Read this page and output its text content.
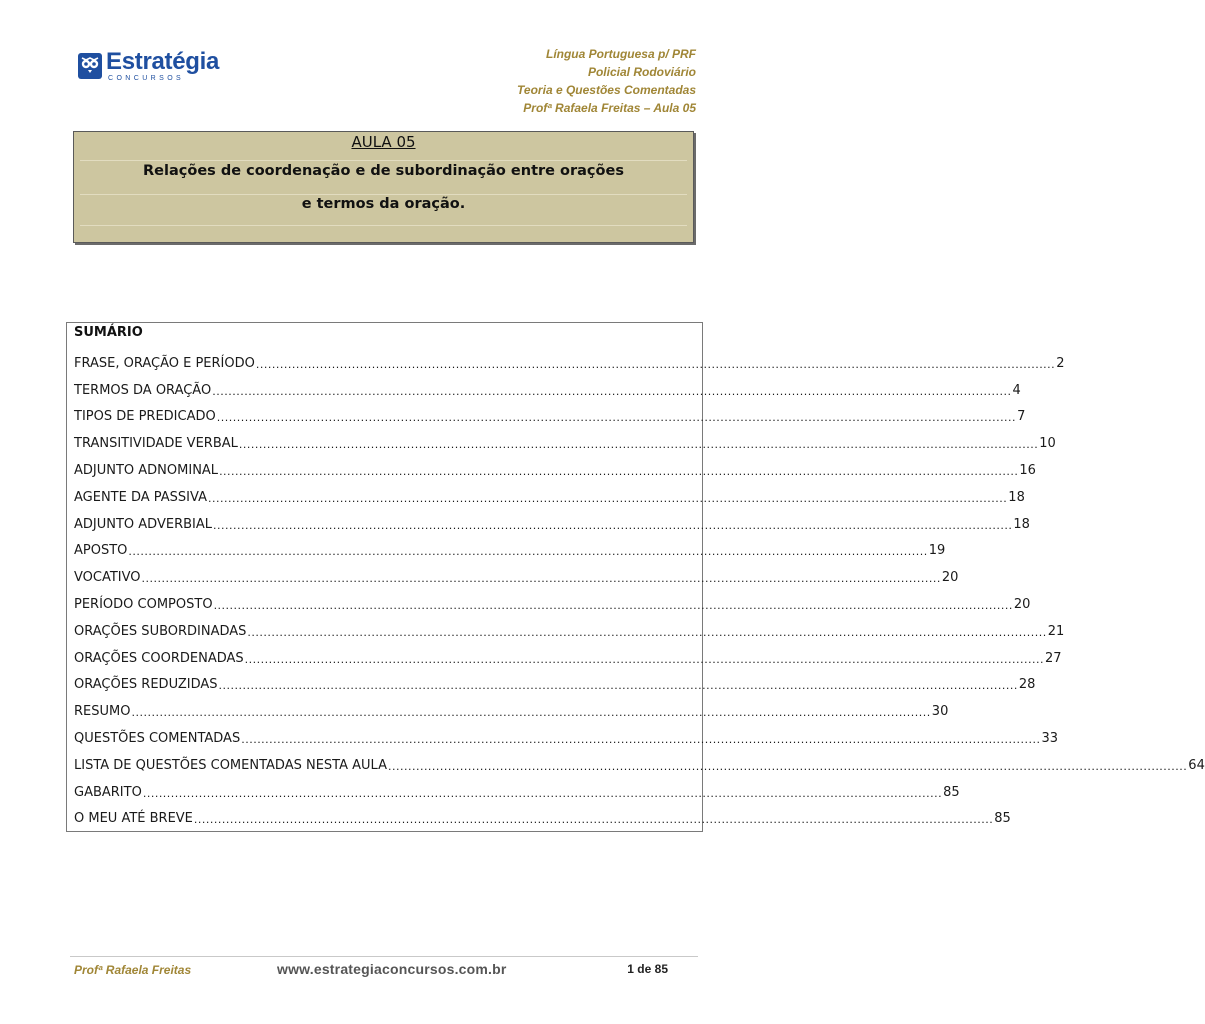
Estratégia
CONCURSOS
Língua Portuguesa p/ PRF
Policial Rodoviário
Teoria e Questões Comentadas
Profª Rafaela Freitas – Aula 05
AULA 05
Relações de coordenação e de subordinação entre orações
e termos da oração.
SUMÁRIO
FRASE, ORAÇÃO E PERÍODO ........................................................................................................................................................................................................ 2
TERMOS DA ORAÇÃO ........................................................................................................................................................................................................ 4
TIPOS DE PREDICADO ........................................................................................................................................................................................................ 7
TRANSITIVIDADE VERBAL ........................................................................................................................................................................................................ 10
ADJUNTO ADNOMINAL ........................................................................................................................................................................................................ 16
AGENTE DA PASSIVA ........................................................................................................................................................................................................ 18
ADJUNTO ADVERBIAL ........................................................................................................................................................................................................ 18
APOSTO ........................................................................................................................................................................................................ 19
VOCATIVO ........................................................................................................................................................................................................ 20
PERÍODO COMPOSTO ........................................................................................................................................................................................................ 20
ORAÇÕES SUBORDINADAS ........................................................................................................................................................................................................ 21
ORAÇÕES COORDENADAS ........................................................................................................................................................................................................ 27
ORAÇÕES REDUZIDAS ........................................................................................................................................................................................................ 28
RESUMO ........................................................................................................................................................................................................ 30
QUESTÕES COMENTADAS ........................................................................................................................................................................................................ 33
LISTA DE QUESTÕES COMENTADAS NESTA AULA ........................................................................................................................................................................................................ 64
GABARITO ........................................................................................................................................................................................................ 85
O MEU ATÉ BREVE ........................................................................................................................................................................................................ 85
Profª Rafaela Freitas	www.estrategiaconcursos.com.br	1 de 85
